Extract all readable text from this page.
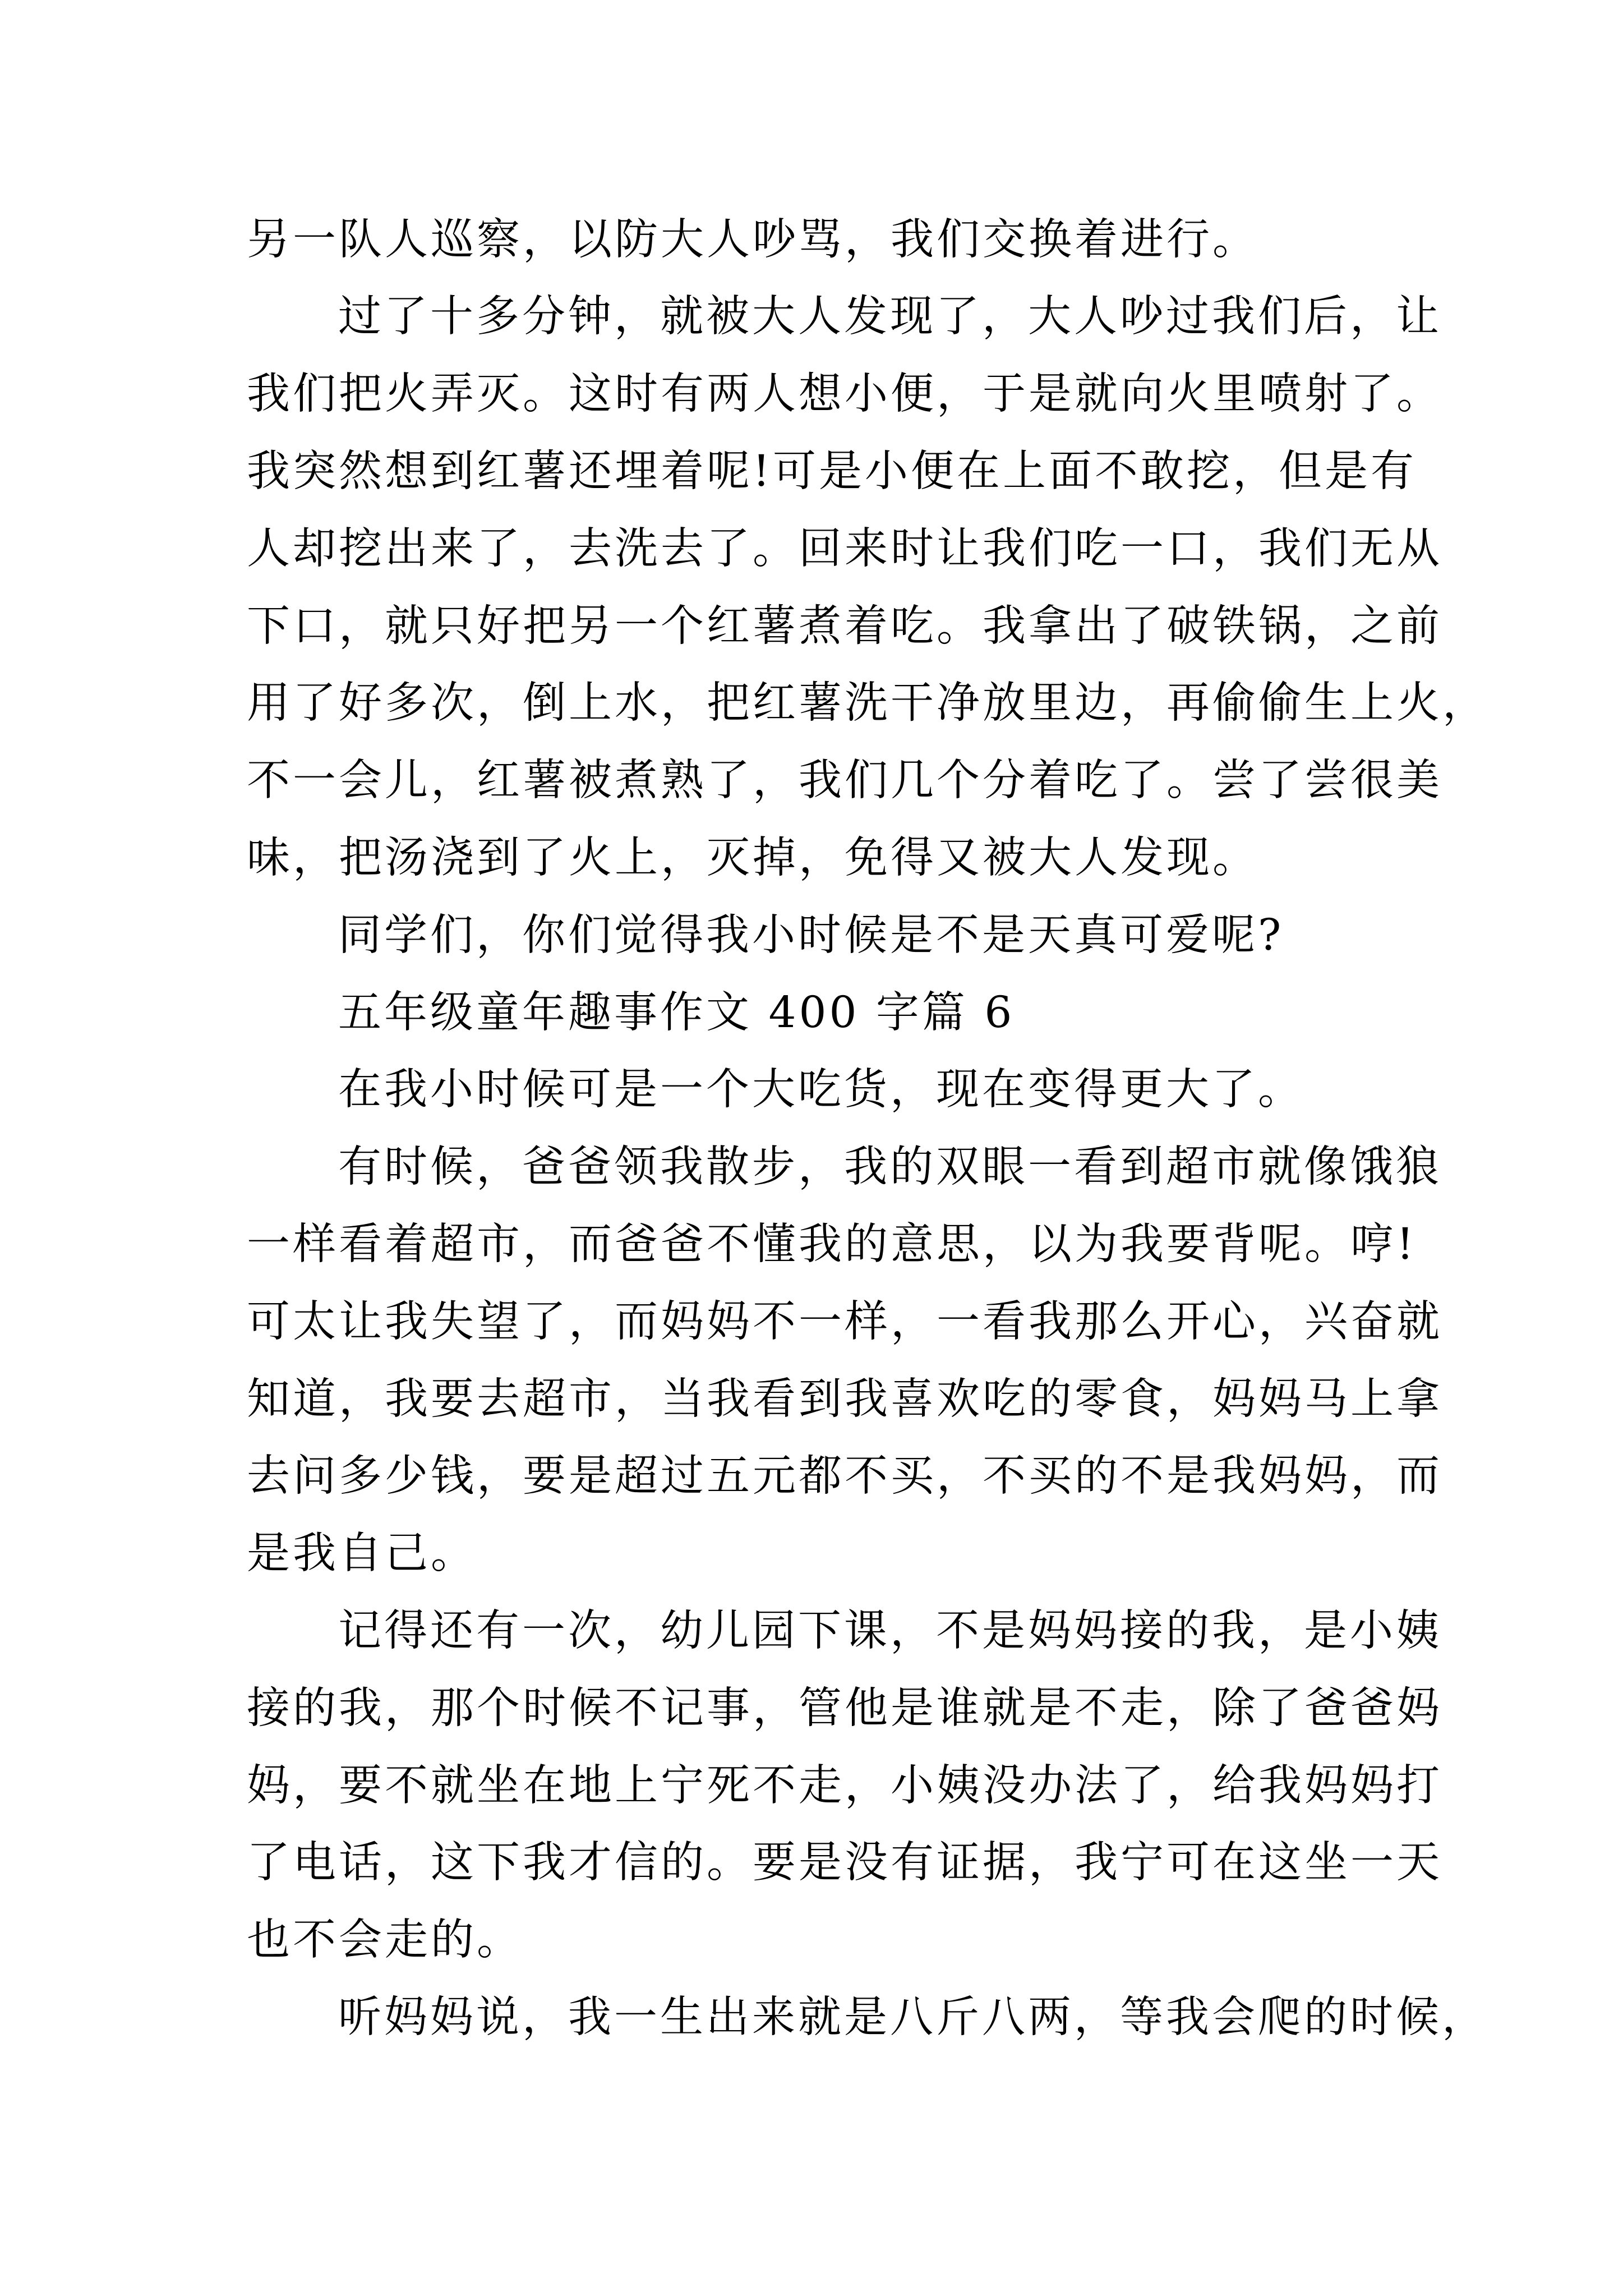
另一队人巡察，以防大人吵骂，我们交换着进行。
过了十多分钟，就被大人发现了，大人吵过我们后，让
我们把火弄灭。这时有两人想小便，于是就向火里喷射了。
我突然想到红薯还埋着呢!可是小便在上面不敢挖，但是有
人却挖出来了，去洗去了。回来时让我们吃一口，我们无从
下口，就只好把另一个红薯煮着吃。我拿出了破铁锅，之前
用了好多次，倒上水，把红薯洗干净放里边，再偷偷生上火，
不一会儿，红薯被煮熟了，我们几个分着吃了。尝了尝很美
味，把汤浇到了火上，灭掉，免得又被大人发现。
同学们，你们觉得我小时候是不是天真可爱呢?
五年级童年趣事作文 400 字篇 6
在我小时候可是一个大吃货，现在变得更大了。
有时候，爸爸领我散步，我的双眼一看到超市就像饿狼
一样看着超市，而爸爸不懂我的意思，以为我要背呢。哼!
可太让我失望了，而妈妈不一样，一看我那么开心，兴奋就
知道，我要去超市，当我看到我喜欢吃的零食，妈妈马上拿
去问多少钱，要是超过五元都不买，不买的不是我妈妈，而
是我自己。
记得还有一次，幼儿园下课，不是妈妈接的我，是小姨
接的我，那个时候不记事，管他是谁就是不走，除了爸爸妈
妈，要不就坐在地上宁死不走，小姨没办法了，给我妈妈打
了电话，这下我才信的。要是没有证据，我宁可在这坐一天
也不会走的。
听妈妈说，我一生出来就是八斤八两，等我会爬的时候，
